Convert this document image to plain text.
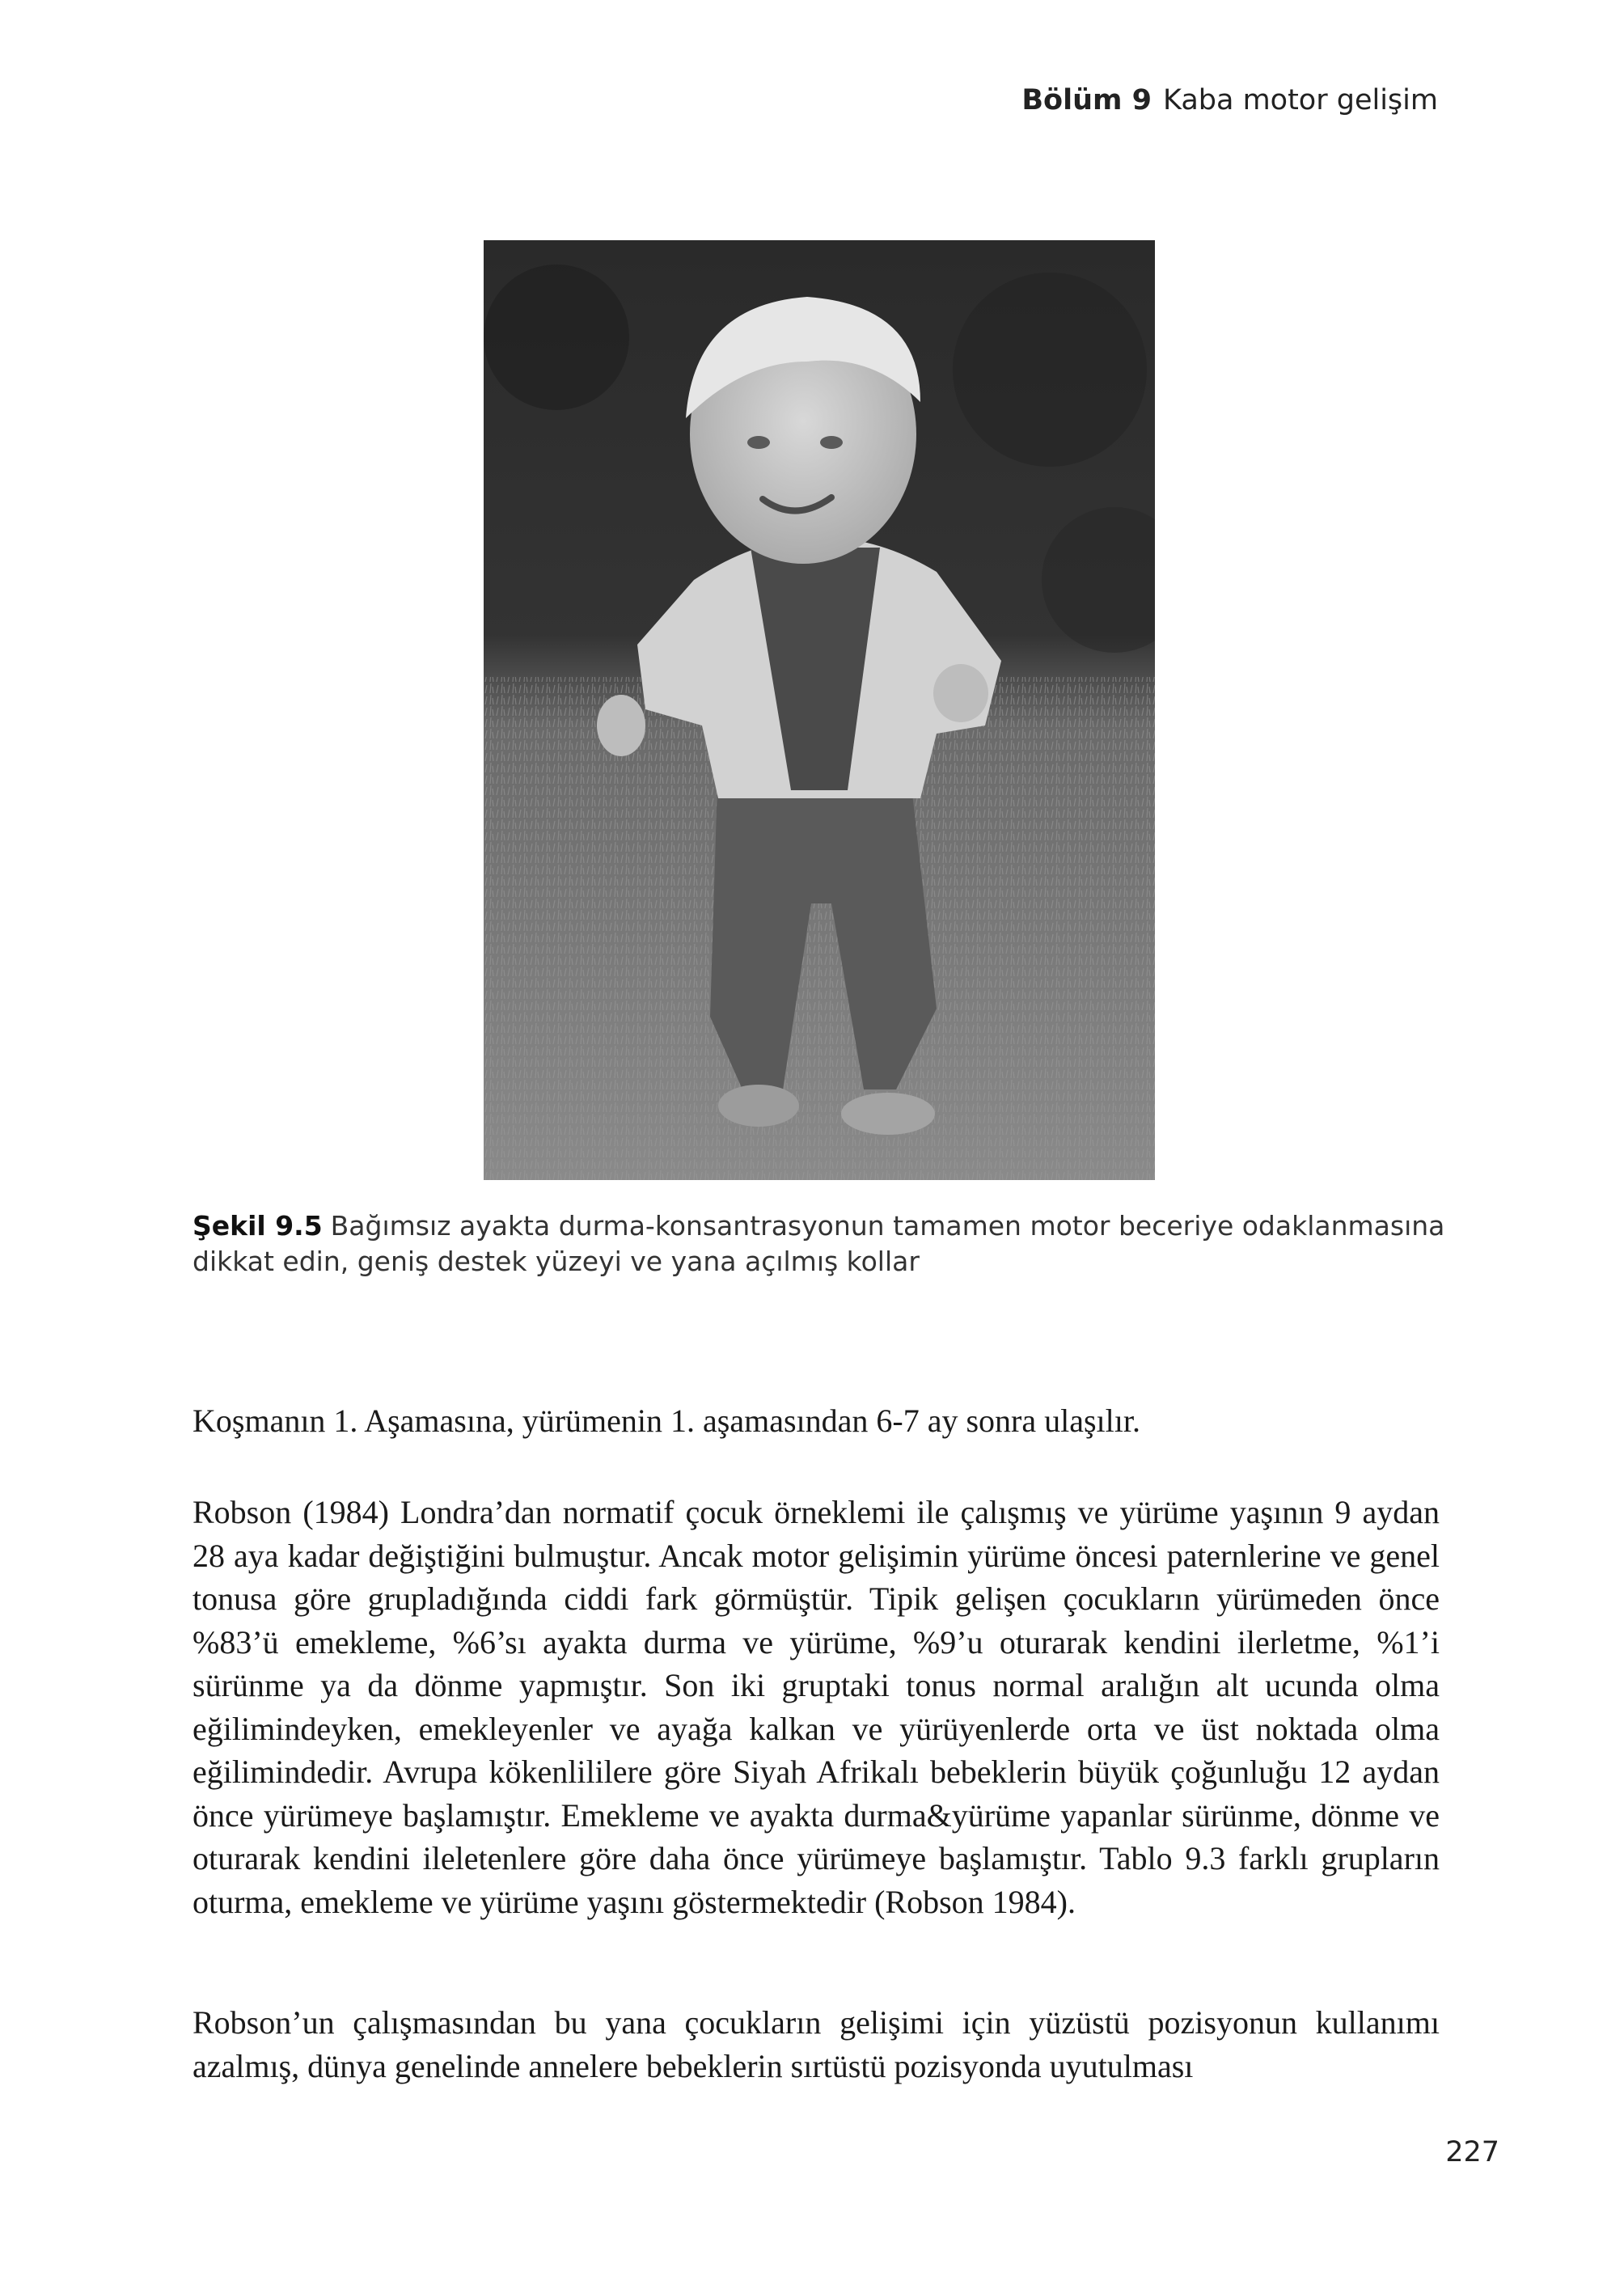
Bölüm 9 Kaba motor gelişim
Şekil 9.5 Bağımsız ayakta durma-konsantrasyonun tamamen motor beceriye odaklanmasına dikkat edin, geniş destek yüzeyi ve yana açılmış kollar

Koşmanın 1. Aşamasına, yürümenin 1. aşamasından 6-7 ay sonra ulaşılır.

Robson (1984) Londra’dan normatif çocuk örneklemi ile çalışmış ve yürüme yaşının 9 aydan 28 aya kadar değiştiğini bulmuştur. Ancak motor gelişimin yürüme öncesi paternlerine ve genel tonusa göre grupladığında ciddi fark görmüştür. Tipik gelişen çocukların yürümeden önce %83’ü emekleme, %6’sı ayakta durma ve yürüme, %9’u oturarak kendini ilerletme, %1’i sürünme ya da dönme yapmıştır. Son iki gruptaki tonus normal aralığın alt ucunda olma eğilimindeyken, emekleyenler ve ayağa kalkan ve yürüyenlerde orta ve üst noktada olma eğilimindedir. Avrupa kökenlililere göre Siyah Afrikalı bebeklerin büyük çoğunluğu 12 aydan önce yürümeye başlamıştır. Emekleme ve ayakta durma&yürüme yapanlar sürünme, dönme ve oturarak kendini ileletenlere göre daha önce yürümeye başlamıştır. Tablo 9.3 farklı grupların oturma, emekleme ve yürüme yaşını göstermektedir (Robson 1984).

Robson’un çalışmasından bu yana çocukların gelişimi için yüzüstü pozisyonun kullanımı azalmış, dünya genelinde annelere bebeklerin sırtüstü pozisyonda uyutulması

227
